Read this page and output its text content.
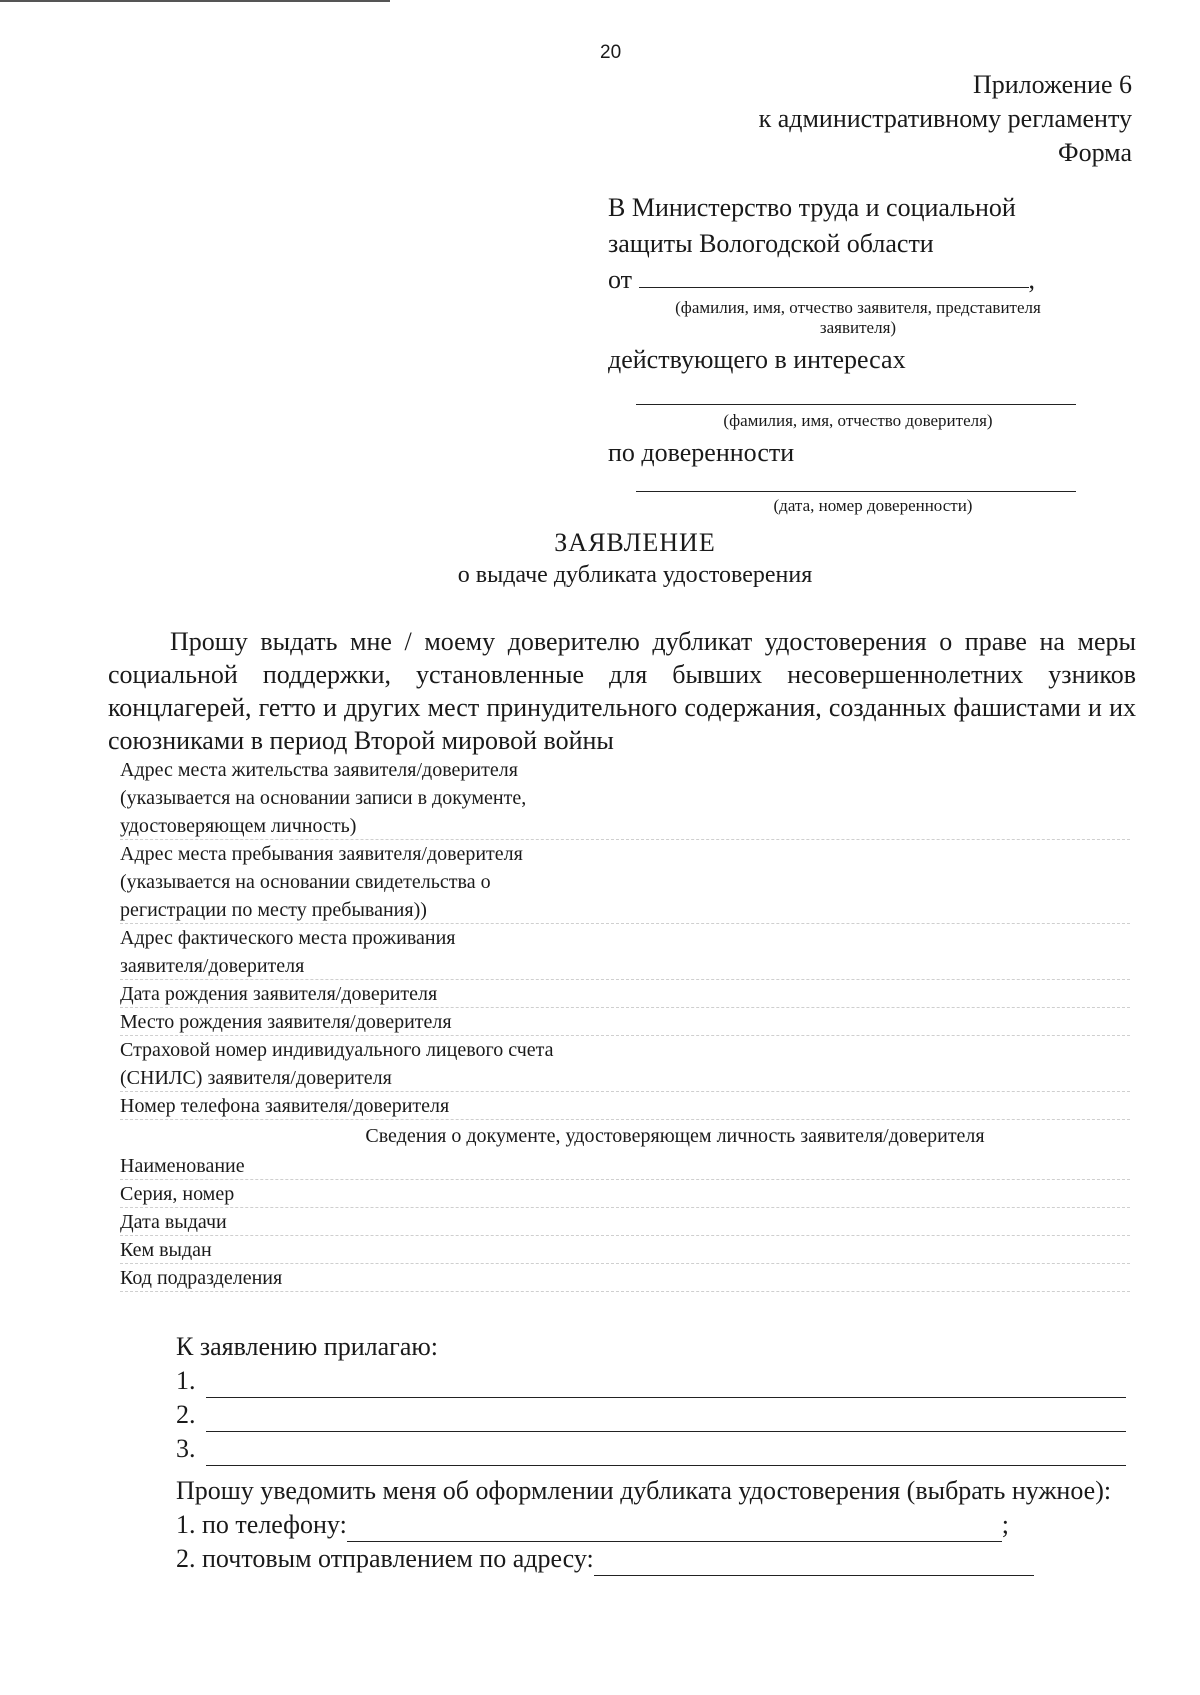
20
Приложение 6
к административному регламенту
Форма
В Министерство труда и социальной
защиты Вологодской области
от	,
(фамилия, имя, отчество заявителя, представителя заявителя)
действующего в интересах
(фамилия, имя, отчество доверителя)
по доверенности
(дата, номер доверенности)
ЗАЯВЛЕНИЕ
о выдаче дубликата удостоверения
Прошу выдать мне / моему доверителю дубликат удостоверения о праве на меры социальной поддержки, установленные для бывших несовершеннолетних узников концлагерей, гетто и других мест принудительного содержания, созданных фашистами и их союзниками в период Второй мировой войны
Адрес места жительства заявителя/доверителя
(указывается на основании записи в документе,
удостоверяющем личность)
Адрес места пребывания заявителя/доверителя
(указывается на основании свидетельства о
регистрации по месту пребывания))
Адрес фактического места проживания
заявителя/доверителя
Дата рождения заявителя/доверителя
Место рождения заявителя/доверителя
Страховой номер индивидуального лицевого счета
(СНИЛС) заявителя/доверителя
Номер телефона заявителя/доверителя
Сведения о документе, удостоверяющем личность заявителя/доверителя
Наименование
Серия, номер
Дата выдачи
Кем выдан
Код подразделения
К заявлению прилагаю:
1.
2.
3.
Прошу уведомить меня об оформлении дубликата удостоверения (выбрать нужное):
1. по телефону:	;
2. почтовым отправлением по адресу:
